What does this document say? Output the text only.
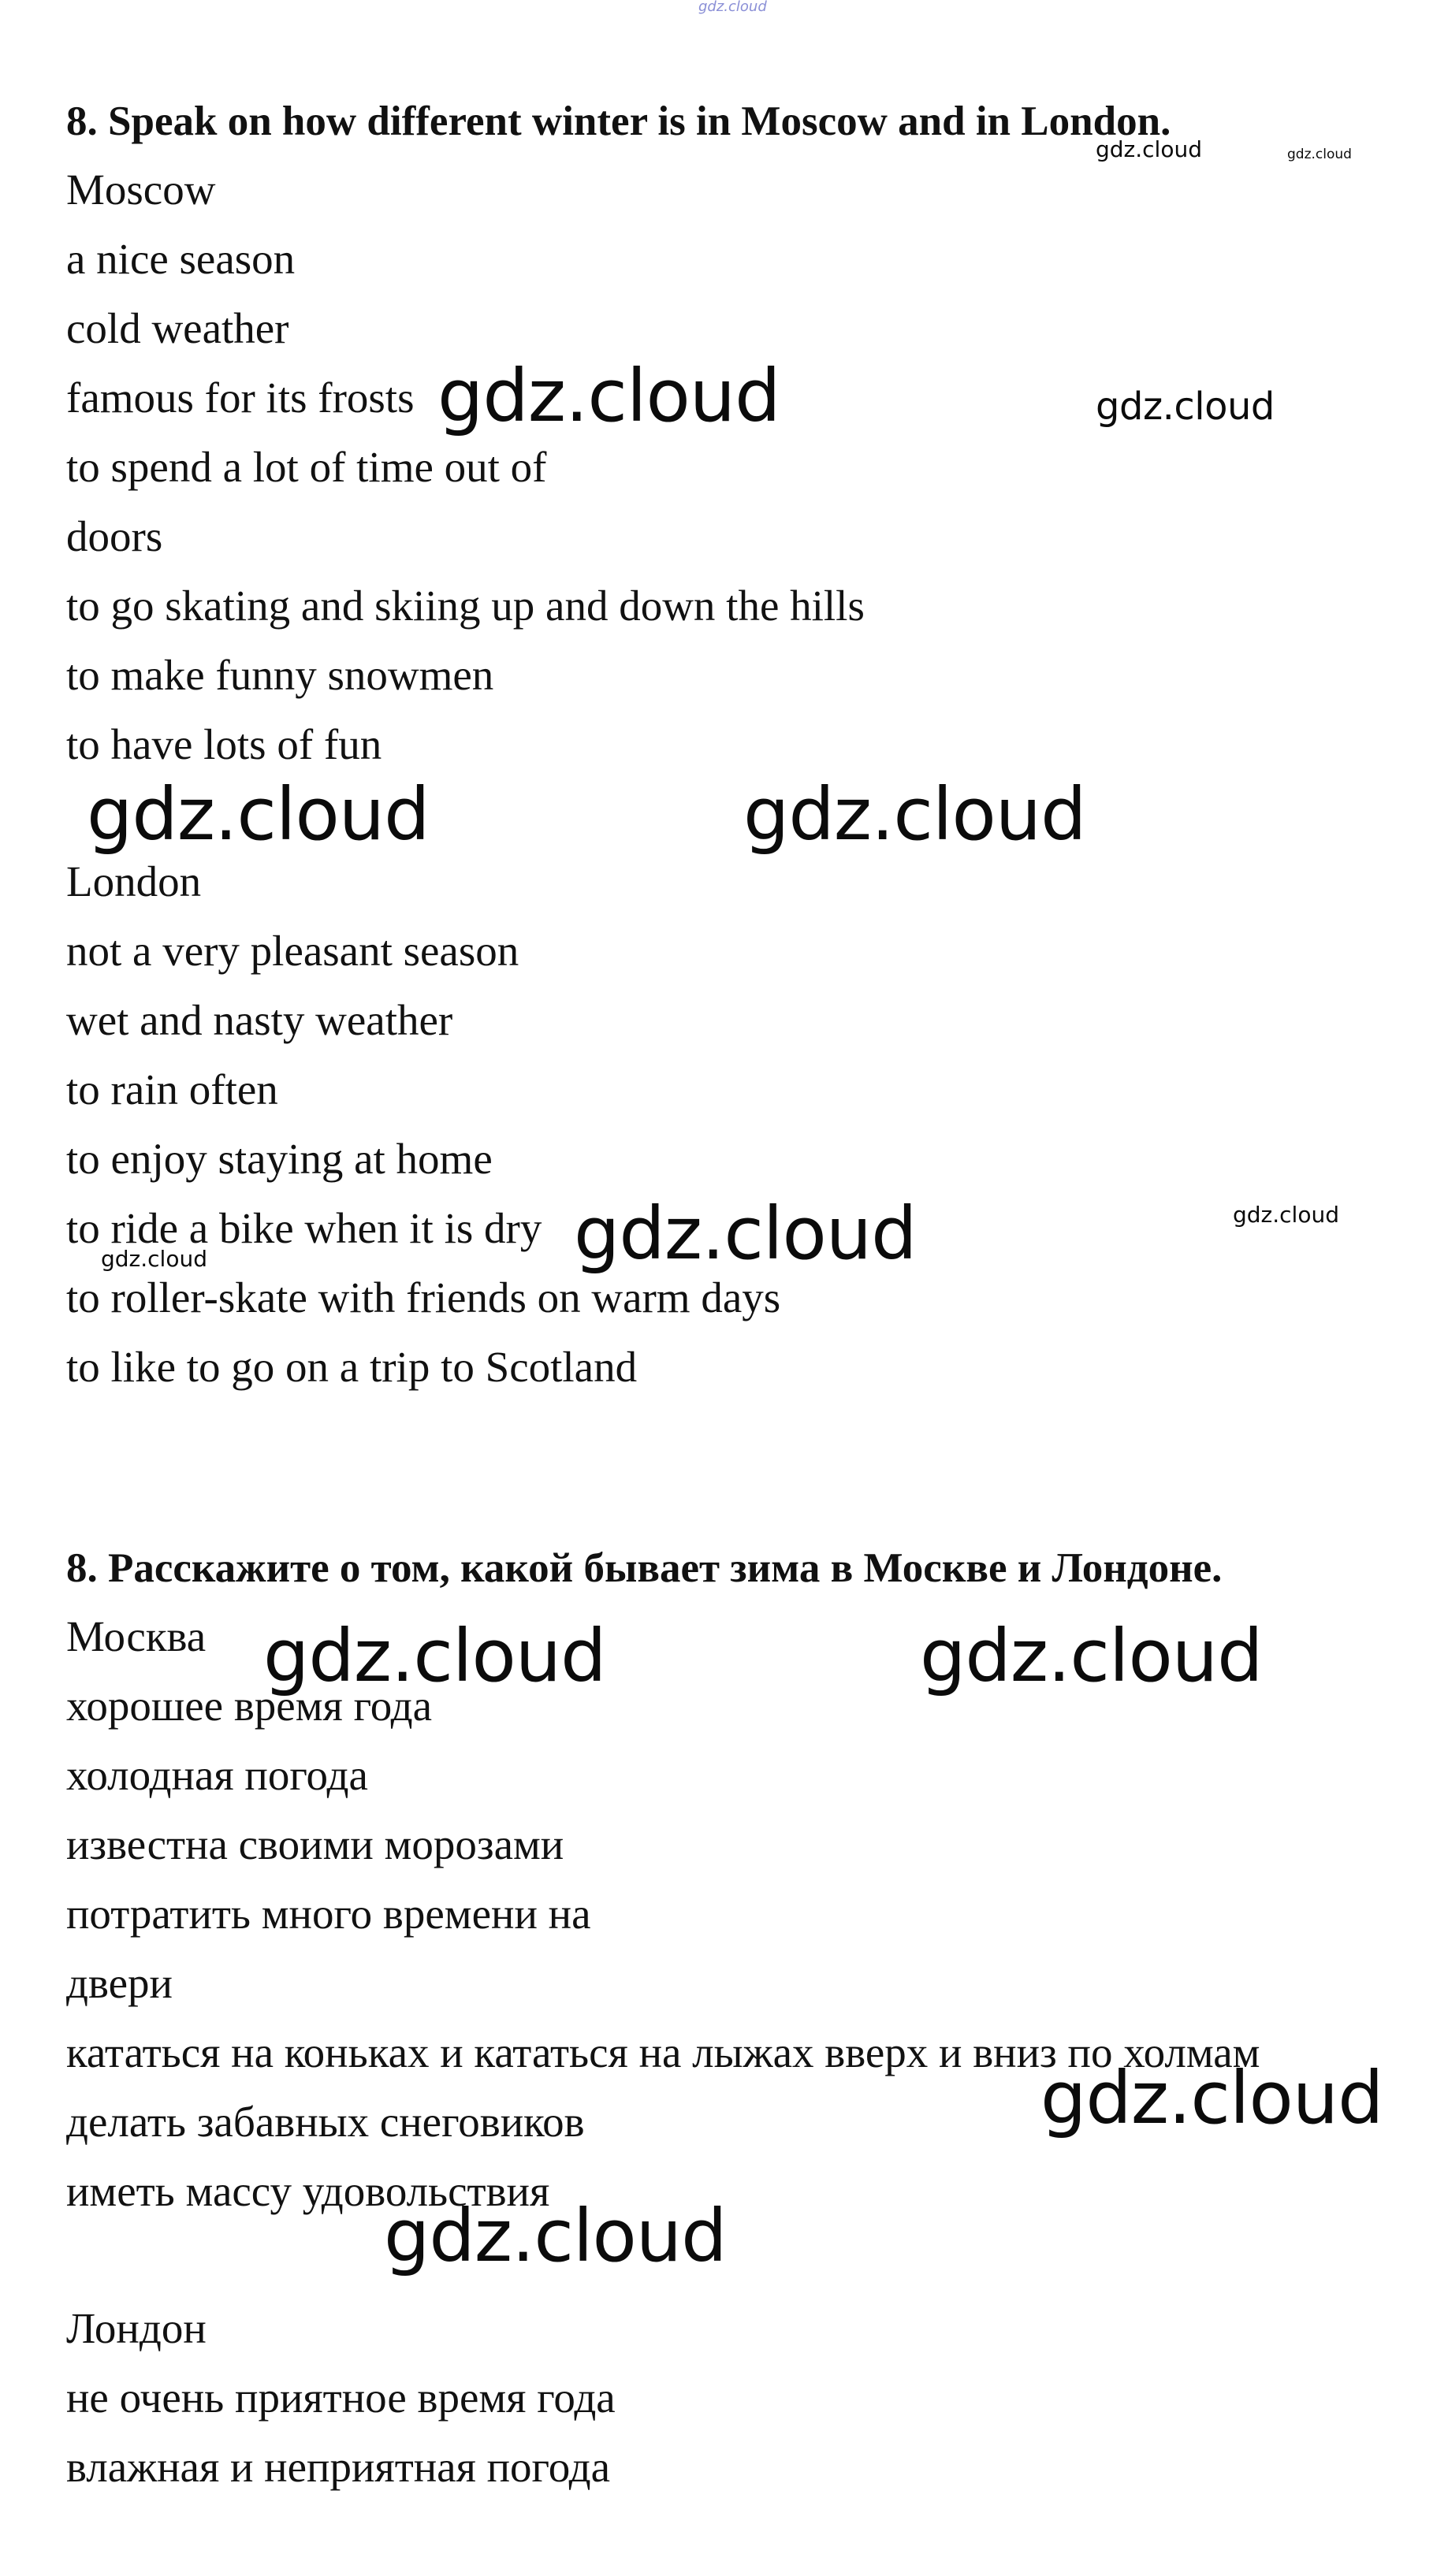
8. Speak on how different winter is in Moscow and in London.
Moscow
a nice season
cold weather
famous for its frosts
to spend a lot of time out of
doors
to go skating and skiing up and down the hills
to make funny snowmen
to have lots of fun
London
not a very pleasant season
wet and nasty weather
to rain often
to enjoy staying at home
to ride a bike when it is dry
to roller-skate with friends on warm days
to like to go on a trip to Scotland
8. Расскажите о том, какой бывает зима в Москве и Лондоне.
Москва
хорошее время года
холодная погода
известна своими морозами
потратить много времени на
двери
кататься на коньках и кататься на лыжах вверх и вниз по холмам
делать забавных снеговиков
иметь массу удовольствия
Лондон
не очень приятное время года
влажная и неприятная погода
gdz.cloud
gdz.cloud	gdz.cloud
gdz.cloud	gdz.cloud
gdz.cloud	gdz.cloud
gdz.cloud	gdz.cloud
gdz.cloud
gdz.cloud	gdz.cloud
gdz.cloud
gdz.cloud
